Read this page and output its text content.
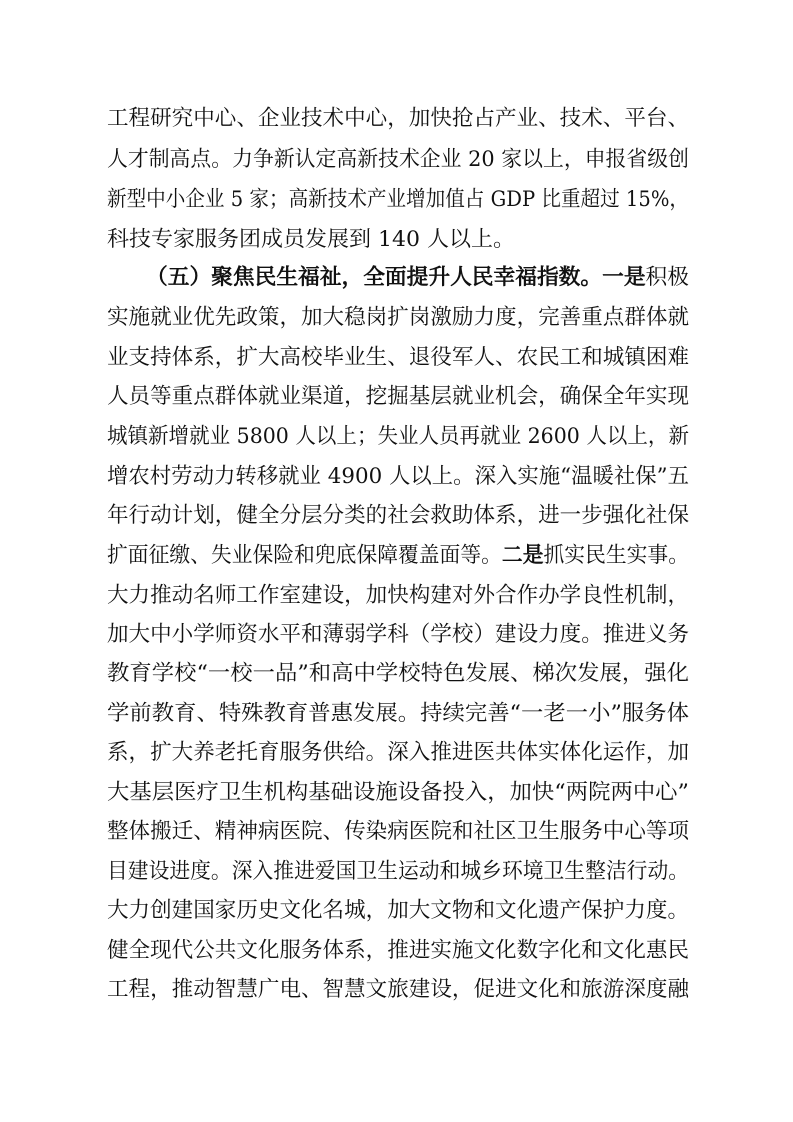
工程研究中心、企业技术中心，加快抢占产业、技术、平台、
人才制高点。力争新认定高新技术企业 20 家以上，申报省级创
新型中小企业 5 家；高新技术产业增加值占 GDP 比重超过 15%，
科技专家服务团成员发展到 140 人以上。
（五）聚焦民生福祉，全面提升人民幸福指数。一是积极
实施就业优先政策，加大稳岗扩岗激励力度，完善重点群体就
业支持体系，扩大高校毕业生、退役军人、农民工和城镇困难
人员等重点群体就业渠道，挖掘基层就业机会，确保全年实现
城镇新增就业 5800 人以上；失业人员再就业 2600 人以上，新
增农村劳动力转移就业 4900 人以上。深入实施“温暖社保”五
年行动计划，健全分层分类的社会救助体系，进一步强化社保
扩面征缴、失业保险和兜底保障覆盖面等。二是抓实民生实事。
大力推动名师工作室建设，加快构建对外合作办学良性机制，
加大中小学师资水平和薄弱学科（学校）建设力度。推进义务
教育学校“一校一品”和高中学校特色发展、梯次发展，强化
学前教育、特殊教育普惠发展。持续完善“一老一小”服务体
系，扩大养老托育服务供给。深入推进医共体实体化运作，加
大基层医疗卫生机构基础设施设备投入，加快“两院两中心”
整体搬迁、精神病医院、传染病医院和社区卫生服务中心等项
目建设进度。深入推进爱国卫生运动和城乡环境卫生整洁行动。
大力创建国家历史文化名城，加大文物和文化遗产保护力度。
健全现代公共文化服务体系，推进实施文化数字化和文化惠民
工程，推动智慧广电、智慧文旅建设，促进文化和旅游深度融
